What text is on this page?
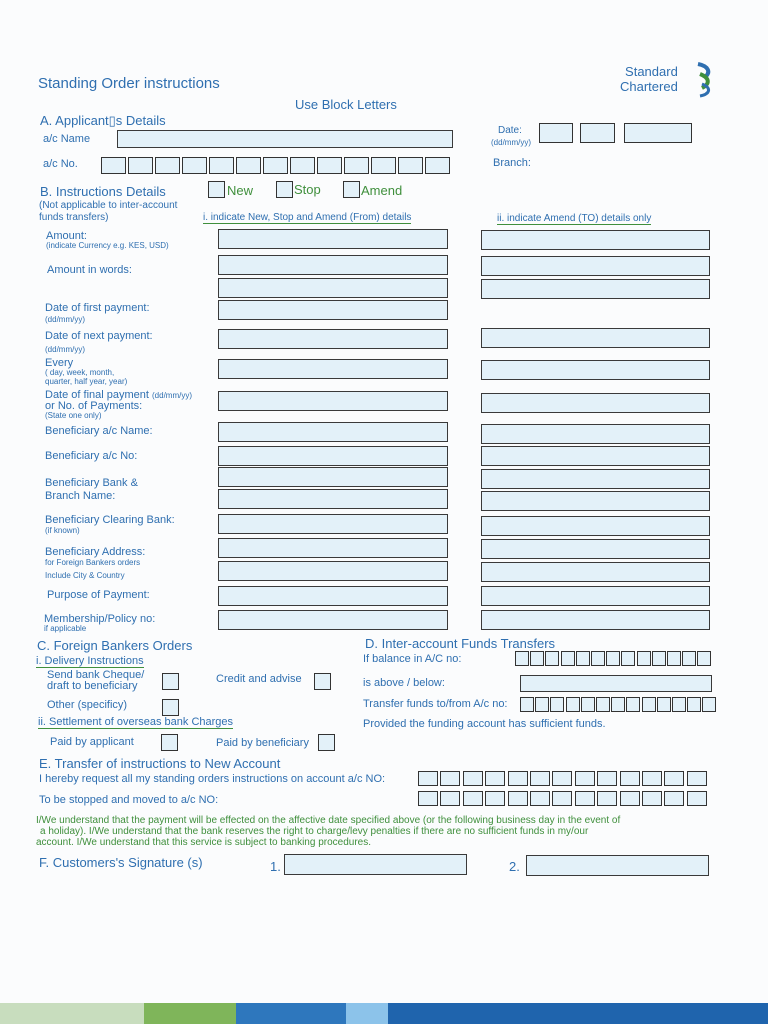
Standing Order instructions
Use Block Letters
Standard
Chartered
A. Applicant▯s Details
a/c Name
a/c No.
Date:
(dd/mm/yy)
Branch:
B. Instructions Details
(Not applicable to inter-account
funds transfers)
New	Stop	Amend
i. indicate New, Stop and Amend (From) details	ii. indicate Amend (TO) details only
Amount:
(indicate Currency e.g. KES, USD)
Amount in words:
Date of first payment:
(dd/mm/yy)
Date of next payment:
(dd/mm/yy)
Every
( day, week, month,
quarter, half year, year)
Date of final payment (dd/mm/yy)
or No. of Payments:
(State one only)
Beneficiary a/c Name:
Beneficiary a/c No:
Beneficiary Bank &
Branch Name:
Beneficiary Clearing Bank:
(if known)
Beneficiary Address:
for Foreign Bankers orders
Include City & Country
Purpose of Payment:
Membership/Policy no:
if applicable
C. Foreign Bankers Orders
i. Delivery Instructions
Send bank Cheque/
draft to beneficiary
Credit and advise
Other (specificy)
ii. Settlement of overseas bank Charges
Paid by applicant	Paid by beneficiary
D. Inter-account Funds Transfers
If balance in A/C no:
is above / below:
Transfer funds to/from A/c no:
Provided the funding account has sufficient funds.
E. Transfer of instructions to New Account
I hereby request all my standing orders instructions on account a/c NO:
To be stopped and moved to a/c NO:
I/We understand that the payment will be effected on the affective date specified above (or the following business day in the event of
a holiday). I/We understand that the bank reserves the right to charge/levy penalties if there are no sufficient funds in my/our
account. I/We understand that this service is subject to banking procedures.
F. Customers's Signature (s)	1.	2.
